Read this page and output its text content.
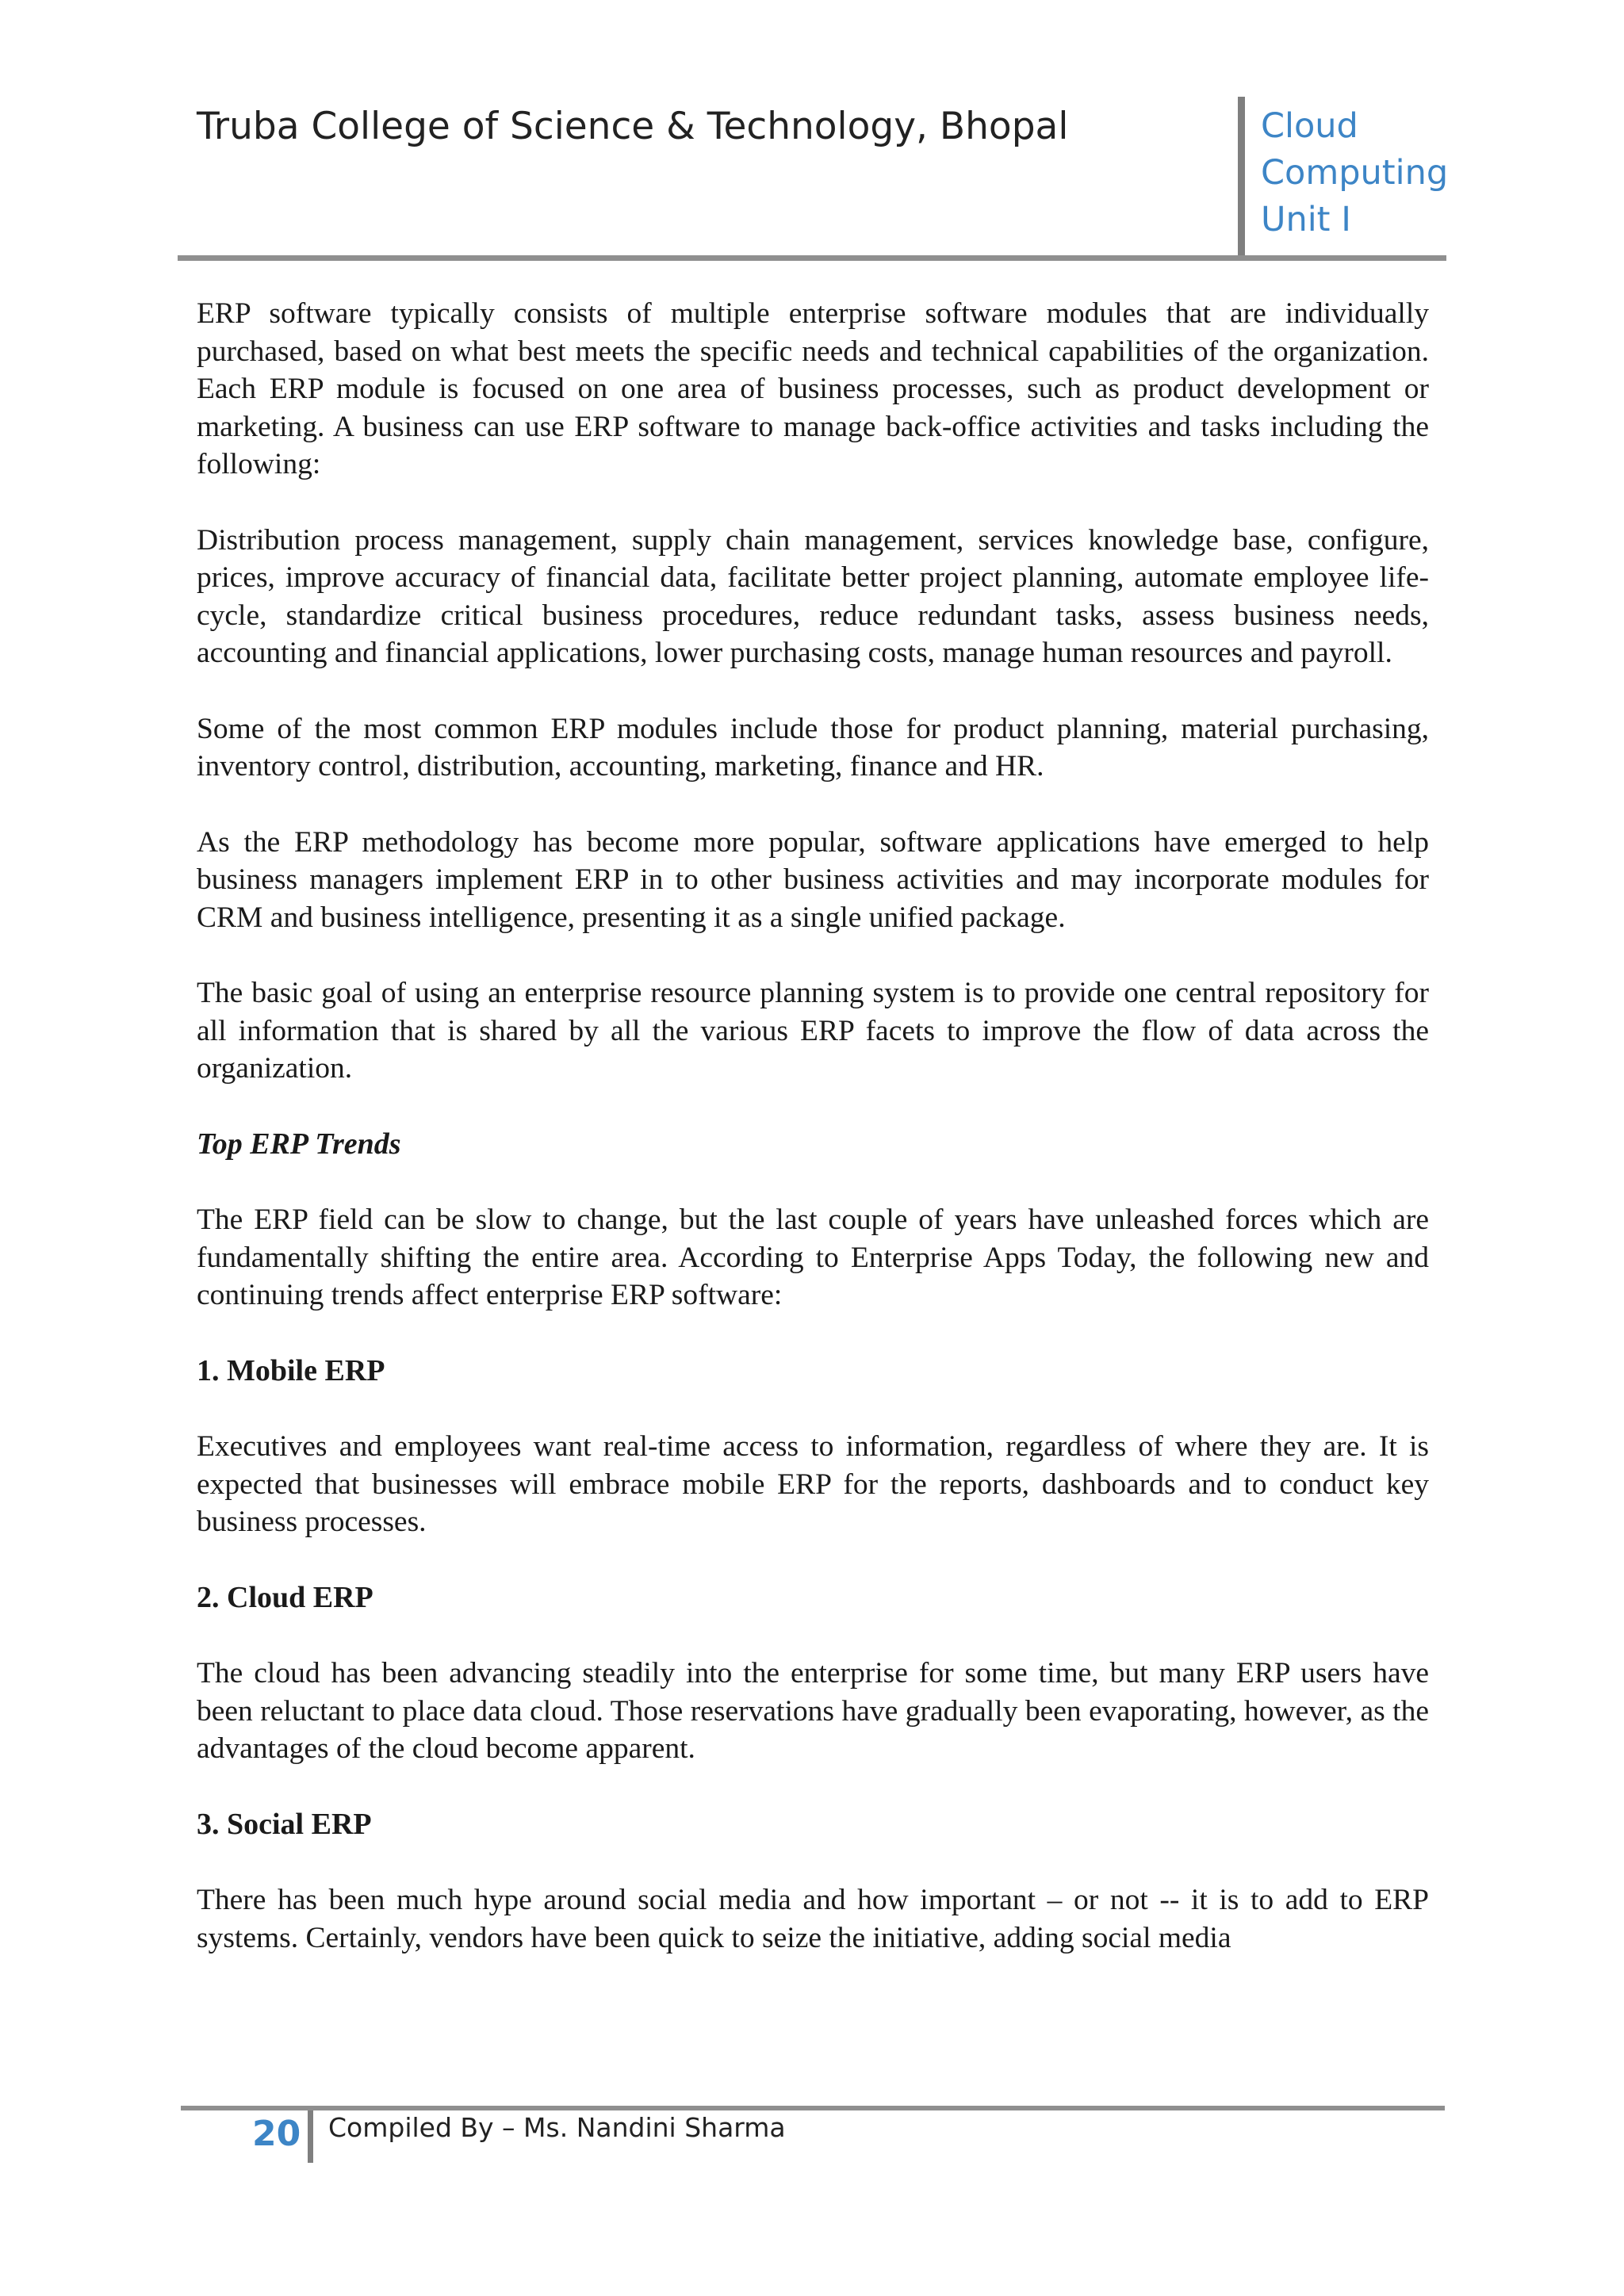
Truba College of Science & Technology, Bhopal	Cloud
Computing
Unit I

ERP software typically consists of multiple enterprise software modules that are individually purchased, based on what best meets the specific needs and technical capabilities of the organization. Each ERP module is focused on one area of business processes, such as product development or marketing. A business can use ERP software to manage back-office activities and tasks including the following:

Distribution process management, supply chain management, services knowledge base, configure, prices, improve accuracy of financial data, facilitate better project planning, automate employee life-cycle, standardize critical business procedures, reduce redundant tasks, assess business needs, accounting and financial applications, lower purchasing costs, manage human resources and payroll.

Some of the most common ERP modules include those for product planning, material purchasing, inventory control, distribution, accounting, marketing, finance and HR.

As the ERP methodology has become more popular, software applications have emerged to help business managers implement ERP in to other business activities and may incorporate modules for CRM and business intelligence, presenting it as a single unified package.

The basic goal of using an enterprise resource planning system is to provide one central repository for all information that is shared by all the various ERP facets to improve the flow of data across the organization.

Top ERP Trends

The ERP field can be slow to change, but the last couple of years have unleashed forces which are fundamentally shifting the entire area. According to Enterprise Apps Today, the following new and continuing trends affect enterprise ERP software:

1. Mobile ERP

Executives and employees want real-time access to information, regardless of where they are. It is expected that businesses will embrace mobile ERP for the reports, dashboards and to conduct key business processes.

2. Cloud ERP

The cloud has been advancing steadily into the enterprise for some time, but many ERP users have been reluctant to place data cloud. Those reservations have gradually been evaporating, however, as the advantages of the cloud become apparent.

3. Social ERP

There has been much hype around social media and how important – or not -- it is to add to ERP systems. Certainly, vendors have been quick to seize the initiative, adding social media

20 Compiled By – Ms. Nandini Sharma
